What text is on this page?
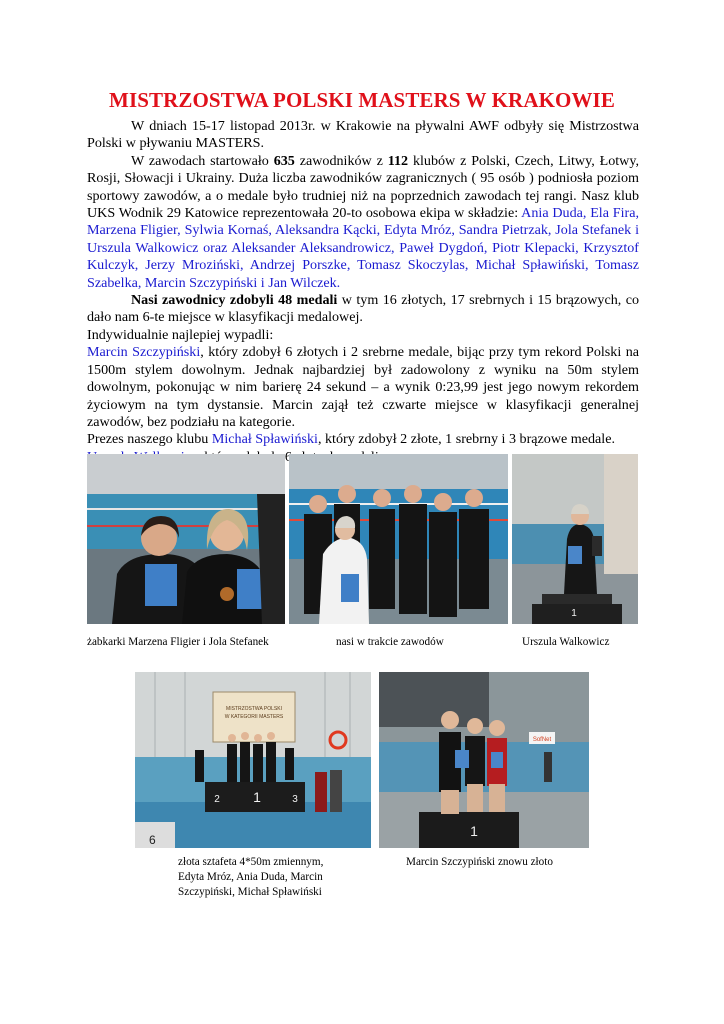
MISTRZOSTWA POLSKI MASTERS W KRAKOWIE

W dniach 15-17 listopad 2013r. w Krakowie na pływalni AWF odbyły się Mistrzostwa Polski w pływaniu MASTERS.

W zawodach startowało 635 zawodników z 112 klubów z Polski, Czech, Litwy, Łotwy, Rosji, Słowacji i Ukrainy. Duża liczba zawodników zagranicznych ( 95 osób ) podniosła poziom sportowy zawodów, a o medale było trudniej niż na poprzednich zawodach tej rangi. Nasz klub UKS Wodnik 29 Katowice reprezentowała 20-to osobowa ekipa w składzie: Ania Duda, Ela Fira, Marzena Fligier, Sylwia Kornaś, Aleksandra Kącki, Edyta Mróz, Sandra Pietrzak, Jola Stefanek i Urszula Walkowicz oraz Aleksander Aleksandrowicz, Paweł Dygdoń, Piotr Klepacki, Krzysztof Kulczyk, Jerzy Mroziński, Andrzej Porszke, Tomasz Skoczylas, Michał Spławiński, Tomasz Szabelka, Marcin Szczypiński i Jan Wilczek.

Nasi zawodnicy zdobyli 48 medali w tym 16 złotych, 17 srebrnych i 15 brązowych, co dało nam 6-te miejsce w klasyfikacji medalowej.

Indywidualnie najlepiej wypadli:

Marcin Szczypiński, który zdobył 6 złotych i 2 srebrne medale, bijąc przy tym rekord Polski na 1500m stylem dowolnym. Jednak najbardziej był zadowolony z wyniku na 50m stylem dowolnym, pokonując w nim barierę 24 sekund – a wynik 0:23,99 jest jego nowym rekordem życiowym na tym dystansie. Marcin zajął też czwarte miejsce w klasyfikacji generalnej zawodów, bez podziału na kategorie.

Prezes naszego klubu Michał Spławiński, który zdobył 2 złote, 1 srebrny i 3 brązowe medale.

6

1
żabkarki Marzena Fligier i Jola Stefanek	nasi w trakcie zawodów	Urszula Walkowicz
MISTRZOSTWA POLSKI
W KATEGORII MASTERS
1
2	3
6
SofNet
1
złota sztafeta 4*50m zmiennym,
Edyta Mróz, Ania Duda, Marcin
Szczypiński, Michał Spławiński
Marcin Szczypiński znowu złoto
